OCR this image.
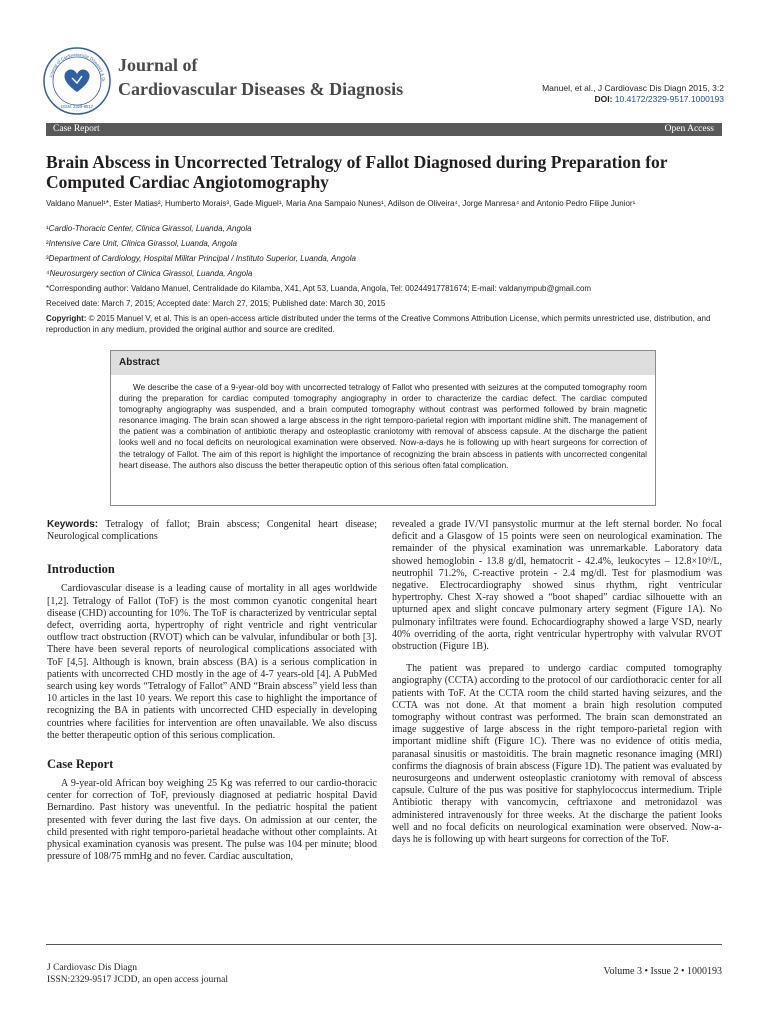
Journal of Cardiovascular Diseases & Di
ISSN: 2329-9517
Journal of
Cardiovascular Diseases & Diagnosis	Manuel, et al., J Cardiovasc Dis Diagn 2015, 3:2
DOI: 10.4172/2329-9517.1000193
Case Report	Open Access
Brain Abscess in Uncorrected Tetralogy of Fallot Diagnosed during Preparation for Computed Cardiac Angiotomography
Valdano Manuel¹*, Ester Matias², Humberto Morais³, Gade Miguel¹, Maria Ana Sampaio Nunes¹, Adilson de Oliveira⁴, Jorge Manresa⁴ and Antonio Pedro Filipe Junior¹
¹Cardio-Thoracic Center, Clinica Girassol, Luanda, Angola
²Intensive Care Unit, Clinica Girassol, Luanda, Angola
³Department of Cardiology, Hospital Militar Principal / Instituto Superior, Luanda, Angola
⁴Neurosurgery section of Clinica Girassol, Luanda, Angola
*Corresponding author: Valdano Manuel, Centralidade do Kilamba, X41, Apt 53, Luanda, Angola, Tel: 00244917781674; E-mail: valdanympub@gmail.com
Received date: March 7, 2015; Accepted date: March 27, 2015; Published date: March 30, 2015
Copyright: © 2015 Manuel V, et al. This is an open-access article distributed under the terms of the Creative Commons Attribution License, which permits unrestricted use, distribution, and reproduction in any medium, provided the original author and source are credited.
Abstract

We describe the case of a 9-year-old boy with uncorrected tetralogy of Fallot who presented with seizures at the computed tomography room during the preparation for cardiac computed tomography angiography in order to characterize the cardiac defect. The cardiac computed tomography angiography was suspended, and a brain computed tomography without contrast was performed followed by brain magnetic resonance imaging. The brain scan showed a large abscess in the right temporo-parietal region with important midline shift. The management of the patient was a combination of antibiotic therapy and osteoplastic craniotomy with removal of abscess capsule. At the discharge the patient looks well and no focal deficits on neurological examination were observed. Now-a-days he is following up with heart surgeons for correction of the tetralogy of Fallot. The aim of this report is highlight the importance of recognizing the brain abscess in patients with uncorrected congenital heart disease. The authors also discuss the better therapeutic option of this serious often fatal complication.

Keywords: Tetralogy of fallot; Brain abscess; Congenital heart disease; Neurological complications

Introduction

Cardiovascular disease is a leading cause of mortality in all ages worldwide [1,2]. Tetralogy of Fallot (ToF) is the most common cyanotic congenital heart disease (CHD) accounting for 10%. The ToF is characterized by ventricular septal defect, overriding aorta, hypertrophy of right ventricle and right ventricular outflow tract obstruction (RVOT) which can be valvular, infundibular or both [3]. There have been several reports of neurological complications associated with ToF [4,5]. Although is known, brain abscess (BA) is a serious complication in patients with uncorrected CHD mostly in the age of 4-7 years-old [4]. A PubMed search using key words “Tetralogy of Fallot” AND “Brain abscess” yield less than 10 articles in the last 10 years. We report this case to highlight the importance of recognizing the BA in patients with uncorrected CHD especially in developing countries where facilities for intervention are often unavailable. We also discuss the better therapeutic option of this serious complication.

Case Report

A 9-year-old African boy weighing 25 Kg was referred to our cardio-thoracic center for correction of ToF, previously diagnosed at pediatric hospital David Bernardino. Past history was uneventful. In the pediatric hospital the patient presented with fever during the last five days. On admission at our center, the child presented with right temporo-parietal headache without other complaints. At physical examination cyanosis was present. The pulse was 104 per minute; blood pressure of 108/75 mmHg and no fever. Cardiac auscultation,

revealed a grade IV/VI pansystolic murmur at the left sternal border. No focal deficit and a Glasgow of 15 points were seen on neurological examination. The remainder of the physical examination was unremarkable. Laboratory data showed hemoglobin - 13.8 g/dl, hematocrit - 42.4%, leukocytes – 12.8×10⁹/L, neutrophil 71.2%, C-reactive protein - 2.4 mg/dl. Test for plasmodium was negative. Electrocardiography showed sinus rhythm, right ventricular hypertrophy. Chest X-ray showed a “boot shaped” cardiac silhouette with an upturned apex and slight concave pulmonary artery segment (Figure 1A). No pulmonary infiltrates were found. Echocardiography showed a large VSD, nearly 40% overriding of the aorta, right ventricular hypertrophy with valvular RVOT obstruction (Figure 1B).

The patient was prepared to undergo cardiac computed tomography angiography (CCTA) according to the protocol of our cardiothoracic center for all patients with ToF. At the CCTA room the child started having seizures, and the CCTA was not done. At that moment a brain high resolution computed tomography without contrast was performed. The brain scan demonstrated an image suggestive of large abscess in the right temporo-parietal region with important midline shift (Figure 1C). There was no evidence of otitis media, paranasal sinusitis or mastoiditis. The brain magnetic resonance imaging (MRI) confirms the diagnosis of brain abscess (Figure 1D). The patient was evaluated by neurosurgeons and underwent osteoplastic craniotomy with removal of abscess capsule. Culture of the pus was positive for staphylococcus intermedium. Triple Antibiotic therapy with vancomycin, ceftriaxone and metronidazol was administered intravenously for three weeks. At the discharge the patient looks well and no focal deficits on neurological examination were observed. Now-a-days he is following up with heart surgeons for correction of the ToF.

J Cardiovasc Dis Diagn
ISSN:2329-9517 JCDD, an open access journal
Volume 3 • Issue 2 • 1000193
